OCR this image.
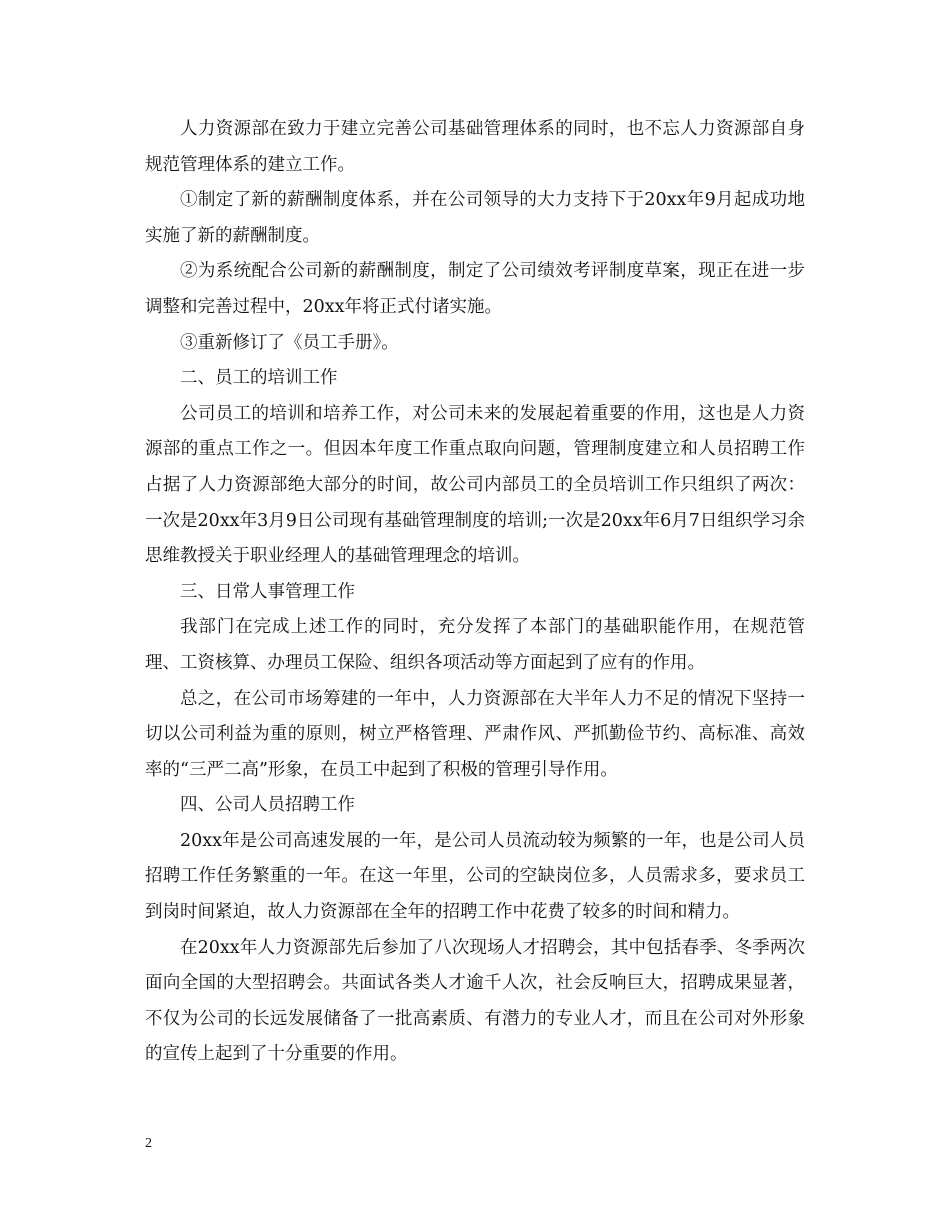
人力资源部在致力于建立完善公司基础管理体系的同时，也不忘人力资源部自身规范管理体系的建立工作。

①制定了新的薪酬制度体系，并在公司领导的大力支持下于20xx年9月起成功地实施了新的薪酬制度。

②为系统配合公司新的薪酬制度，制定了公司绩效考评制度草案，现正在进一步调整和完善过程中，20xx年将正式付诸实施。

③重新修订了《员工手册》。

二、员工的培训工作

公司员工的培训和培养工作，对公司未来的发展起着重要的作用，这也是人力资源部的重点工作之一。但因本年度工作重点取向问题，管理制度建立和人员招聘工作占据了人力资源部绝大部分的时间，故公司内部员工的全员培训工作只组织了两次：一次是20xx年3月9日公司现有基础管理制度的培训;一次是20xx年6月7日组织学习余思维教授关于职业经理人的基础管理理念的培训。

三、日常人事管理工作

我部门在完成上述工作的同时，充分发挥了本部门的基础职能作用，在规范管理、工资核算、办理员工保险、组织各项活动等方面起到了应有的作用。

总之，在公司市场筹建的一年中，人力资源部在大半年人力不足的情况下坚持一切以公司利益为重的原则，树立严格管理、严肃作风、严抓勤俭节约、高标准、高效率的“三严二高”形象，在员工中起到了积极的管理引导作用。

四、公司人员招聘工作

20xx年是公司高速发展的一年，是公司人员流动较为频繁的一年，也是公司人员招聘工作任务繁重的一年。在这一年里，公司的空缺岗位多，人员需求多，要求员工到岗时间紧迫，故人力资源部在全年的招聘工作中花费了较多的时间和精力。

在20xx年人力资源部先后参加了八次现场人才招聘会，其中包括春季、冬季两次面向全国的大型招聘会。共面试各类人才逾千人次，社会反响巨大，招聘成果显著，不仅为公司的长远发展储备了一批高素质、有潜力的专业人才，而且在公司对外形象的宣传上起到了十分重要的作用。

2
